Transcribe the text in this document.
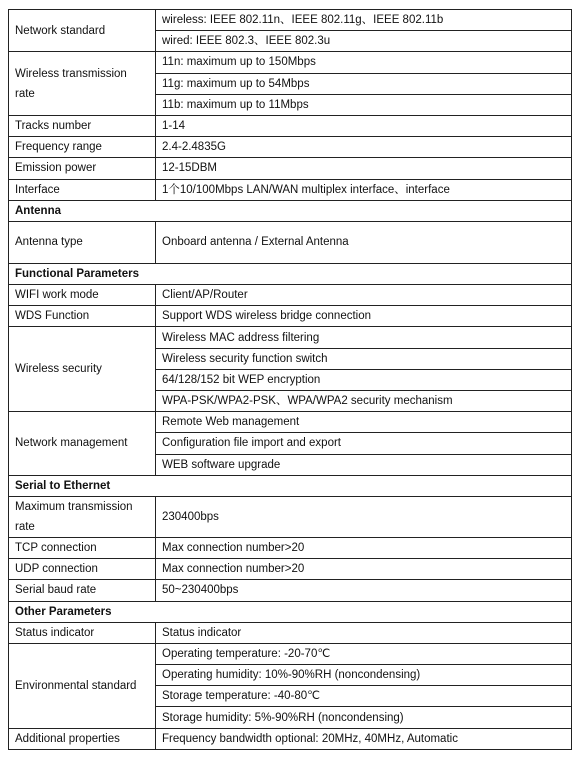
Network standard	wireless: IEEE 802.11n、IEEE 802.11g、IEEE 802.11b
	wired: IEEE 802.3、IEEE 802.3u

Wireless transmission
rate	11n: maximum up to 150Mbps
	11g: maximum up to 54Mbps
	11b: maximum up to 11Mbps
Tracks number	1-14
Frequency range	2.4-2.4835G
Emission power	12-15DBM
Interface	1个10/100Mbps LAN/WAN multiplex interface、interface
Antenna	
Antenna type	Onboard antenna / External Antenna
Functional Parameters	
WIFI work mode	Client/AP/Router
WDS Function	Support WDS wireless bridge connection
Wireless security	Wireless MAC address filtering
	Wireless security function switch
	64/128/152 bit WEP encryption
	WPA-PSK/WPA2-PSK、WPA/WPA2 security mechanism
Network management	Remote Web management
	Configuration file import and export
	WEB software upgrade
Serial to Ethernet	

Maximum transmission
rate	230400bps
TCP connection	Max connection number>20
UDP connection	Max connection number>20
Serial baud rate	50~230400bps
Other Parameters	
Status indicator	Status indicator
Environmental standard	Operating temperature: -20-70℃
	Operating humidity: 10%-90%RH (noncondensing)
	Storage temperature: -40-80℃
	Storage humidity: 5%-90%RH (noncondensing)
Additional properties	Frequency bandwidth optional: 20MHz, 40MHz, Automatic
